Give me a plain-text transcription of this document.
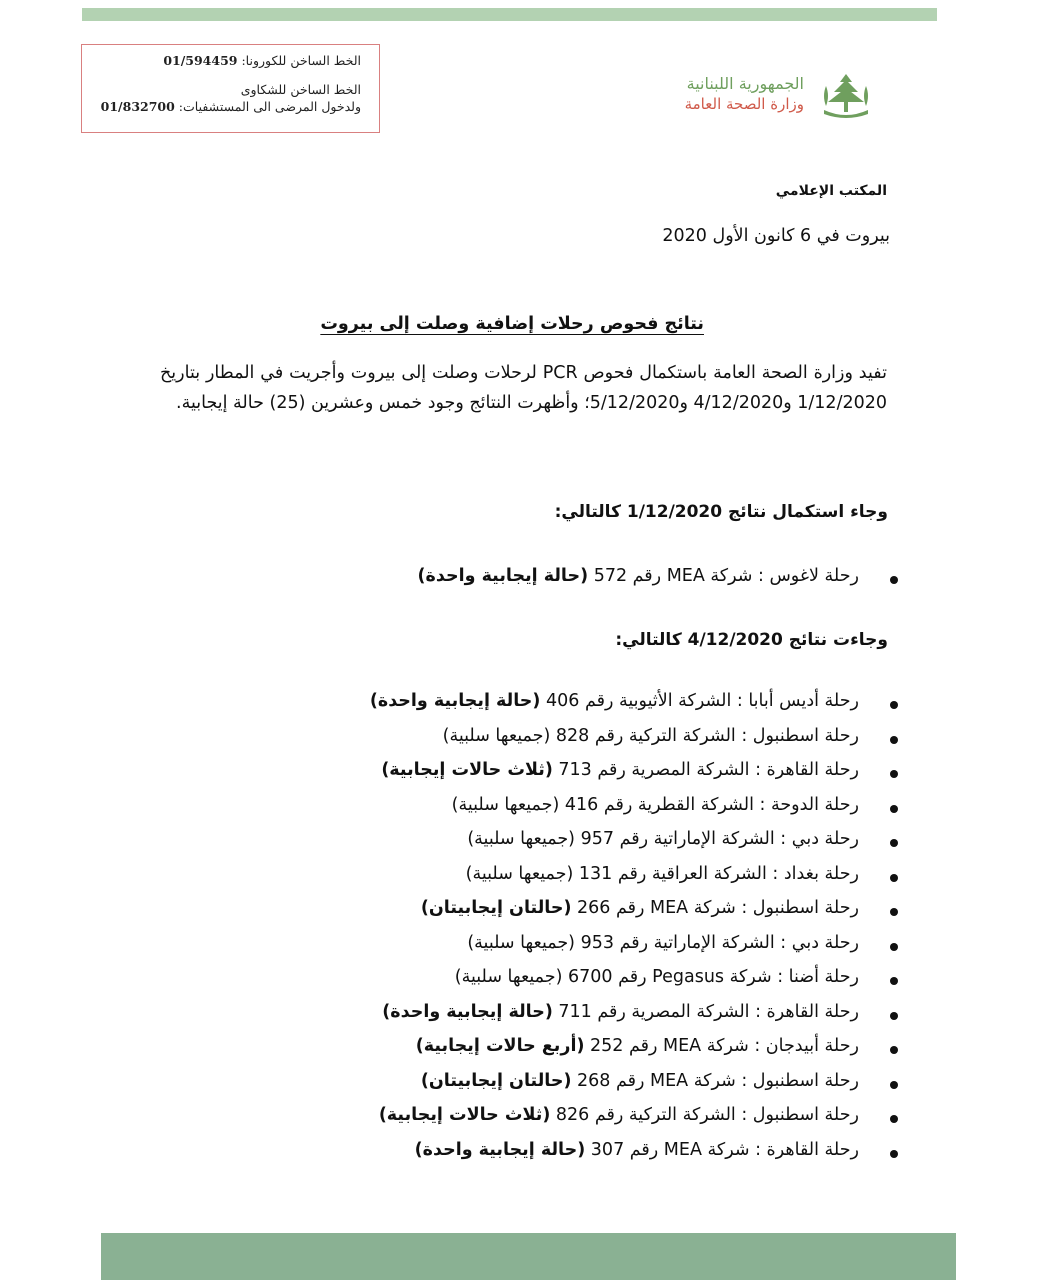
الخط الساخن للكورونا: 01/594459
الخط الساخن للشكاوى
ولدخول المرضى الى المستشفيات: 01/832700
الجمهورية اللبنانية
وزارة الصحة العامة
المكتب الإعلامي
بيروت في 6 كانون الأول 2020
نتائج فحوص رحلات إضافية وصلت إلى بيروت
تفيد وزارة الصحة العامة باستكمال فحوص PCR لرحلات وصلت إلى بيروت وأجريت في المطار بتاريخ 1/12/2020 و4/12/2020 و5/12/2020؛ وأظهرت النتائج وجود خمس وعشرين (25) حالة إيجابية.
وجاء استكمال نتائج 1/12/2020 كالتالي:
رحلة لاغوس : شركة MEA رقم 572 (حالة إيجابية واحدة)
وجاءت نتائج 4/12/2020 كالتالي:
رحلة أديس أبابا : الشركة الأثيوبية رقم 406 (حالة إيجابية واحدة)
رحلة اسطنبول : الشركة التركية رقم 828 (جميعها سلبية)
رحلة القاهرة : الشركة المصرية رقم 713 (ثلاث حالات إيجابية)
رحلة الدوحة : الشركة القطرية رقم 416 (جميعها سلبية)
رحلة دبي : الشركة الإماراتية رقم 957 (جميعها سلبية)
رحلة بغداد : الشركة العراقية رقم 131 (جميعها سلبية)
رحلة اسطنبول : شركة MEA رقم 266 (حالتان إيجابيتان)
رحلة دبي : الشركة الإماراتية رقم 953 (جميعها سلبية)
رحلة أضنا : شركة Pegasus رقم 6700 (جميعها سلبية)
رحلة القاهرة : الشركة المصرية رقم 711 (حالة إيجابية واحدة)
رحلة أبيدجان : شركة MEA رقم 252 (أربع حالات إيجابية)
رحلة اسطنبول : شركة MEA رقم 268 (حالتان إيجابيتان)
رحلة اسطنبول : الشركة التركية رقم 826 (ثلاث حالات إيجابية)
رحلة القاهرة : شركة MEA رقم 307 (حالة إيجابية واحدة)
